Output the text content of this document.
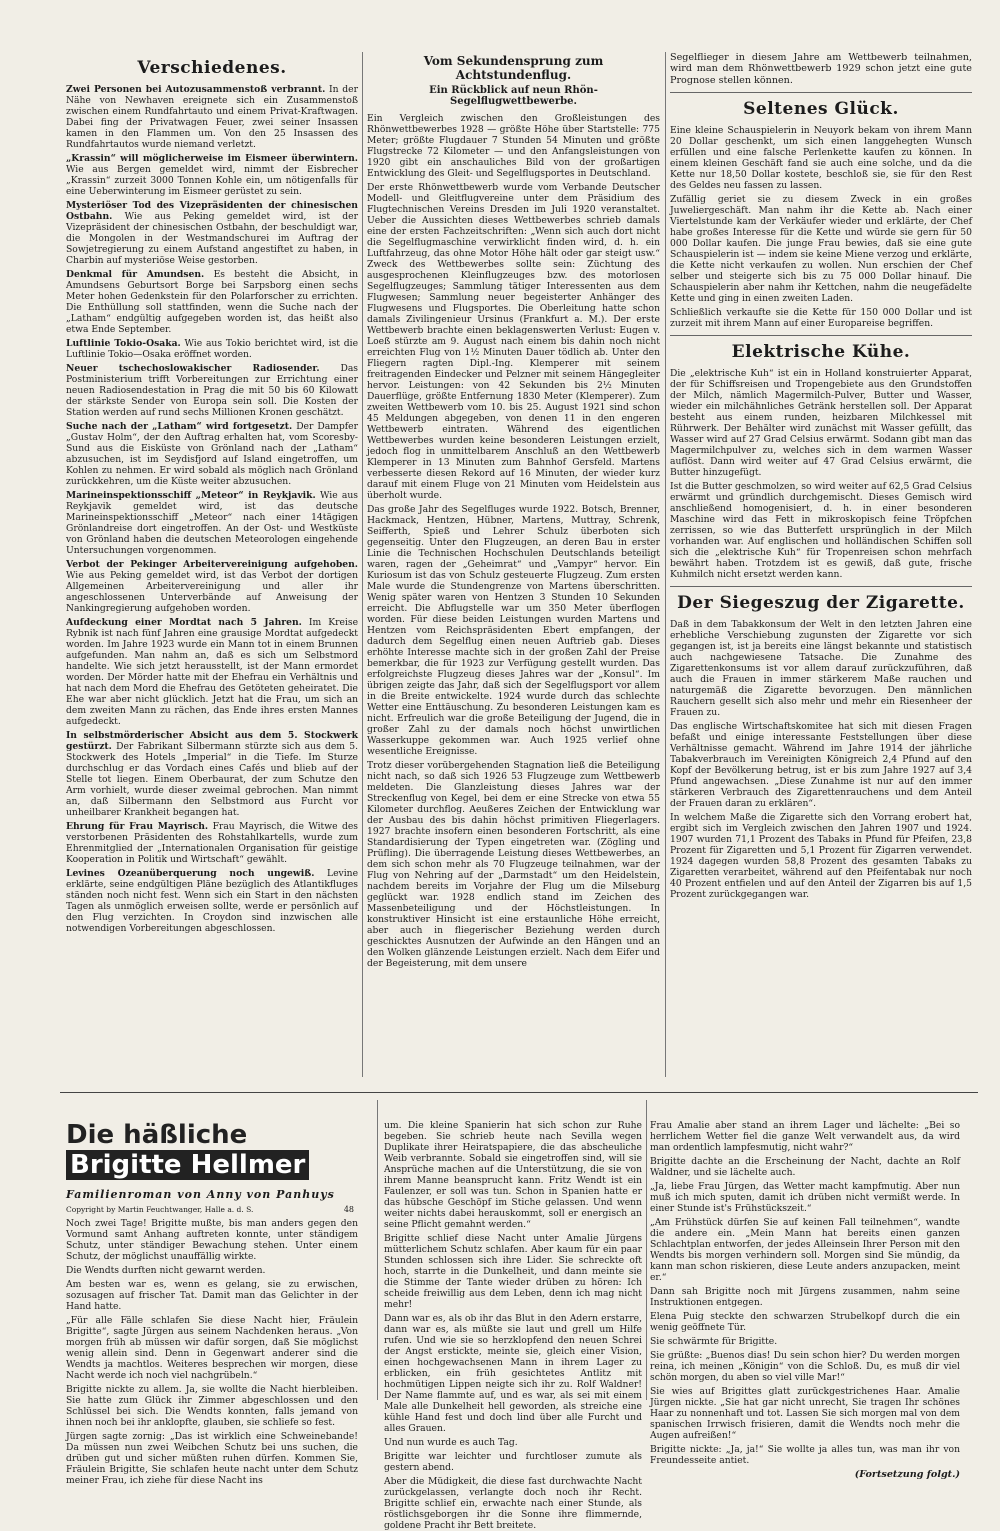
Verschiedenes.

Zwei Personen bei Autozusammenstoß verbrannt. In der Nähe von Newhaven ereignete sich ein Zusammenstoß zwischen einem Rundfahrtauto und einem Privat-Kraftwagen. Dabei fing der Privatwagen Feuer, zwei seiner Insassen kamen in den Flammen um. Von den 25 Insassen des Rundfahrtautos wurde niemand verletzt.

„Krassin“ will möglicherweise im Eismeer überwintern. Wie aus Bergen gemeldet wird, nimmt der Eisbrecher „Krassin“ zurzeit 3000 Tonnen Kohle ein, um nötigenfalls für eine Ueberwinterung im Eismeer gerüstet zu sein.

Mysteriöser Tod des Vizepräsidenten der chinesischen Ostbahn. Wie aus Peking gemeldet wird, ist der Vizepräsident der chinesischen Ostbahn, der beschuldigt war, die Mongolen in der Westmandschurei im Auftrag der Sowjetregierung zu einem Aufstand angestiftet zu haben, in Charbin auf mysteriöse Weise gestorben.

Denkmal für Amundsen. Es besteht die Absicht, in Amundsens Geburtsort Borge bei Sarpsborg einen sechs Meter hohen Gedenkstein für den Polarforscher zu errichten. Die Enthüllung soll stattfinden, wenn die Suche nach der „Latham“ endgültig aufgegeben worden ist, das heißt also etwa Ende September.

Luftlinie Tokio-Osaka. Wie aus Tokio berichtet wird, ist die Luftlinie Tokio—Osaka eröffnet worden.

Neuer tschechoslowakischer Radiosender. Das Postministerium trifft Vorbereitungen zur Errichtung einer neuen Radiosendestation in Prag die mit 50 bis 60 Kilowatt der stärkste Sender von Europa sein soll. Die Kosten der Station werden auf rund sechs Millionen Kronen geschätzt.

Suche nach der „Latham“ wird fortgesetzt. Der Dampfer „Gustav Holm“, der den Auftrag erhalten hat, vom Scoresby-Sund aus die Eisküste von Grönland nach der „Latham“ abzusuchen, ist im Seydisfjord auf Island eingetroffen, um Kohlen zu nehmen. Er wird sobald als möglich nach Grönland zurückkehren, um die Küste weiter abzusuchen.

Marineinspektionsschiff „Meteor“ in Reykjavik. Wie aus Reykjavik gemeldet wird, ist das deutsche Marineinspektionsschiff „Meteor“ nach einer 14tägigen Grönlandreise dort eingetroffen. An der Ost- und Westküste von Grönland haben die deutschen Meteorologen eingehende Untersuchungen vorgenommen.

Verbot der Pekinger Arbeitervereinigung aufgehoben. Wie aus Peking gemeldet wird, ist das Verbot der dortigen Allgemeinen Arbeitervereinigung und aller ihr angeschlossenen Unterverbände auf Anweisung der Nankingregierung aufgehoben worden.

Aufdeckung einer Mordtat nach 5 Jahren. Im Kreise Rybnik ist nach fünf Jahren eine grausige Mordtat aufgedeckt worden. Im Jahre 1923 wurde ein Mann tot in einem Brunnen aufgefunden. Man nahm an, daß es sich um Selbstmord handelte. Wie sich jetzt herausstellt, ist der Mann ermordet worden. Der Mörder hatte mit der Ehefrau ein Verhältnis und hat nach dem Mord die Ehefrau des Getöteten geheiratet. Die Ehe war aber nicht glücklich. Jetzt hat die Frau, um sich an dem zweiten Mann zu rächen, das Ende ihres ersten Mannes aufgedeckt.

In selbstmörderischer Absicht aus dem 5. Stockwerk gestürzt. Der Fabrikant Silbermann stürzte sich aus dem 5. Stockwerk des Hotels „Imperial“ in die Tiefe. Im Sturze durchschlug er das Vordach eines Cafés und blieb auf der Stelle tot liegen. Einem Oberbaurat, der zum Schutze den Arm vorhielt, wurde dieser zweimal gebrochen. Man nimmt an, daß Silbermann den Selbstmord aus Furcht vor unheilbarer Krankheit begangen hat.

Ehrung für Frau Mayrisch. Frau Mayrisch, die Witwe des verstorbenen Präsidenten des Rohstahlkartells, wurde zum Ehrenmitglied der „Internationalen Organisation für geistige Kooperation in Politik und Wirtschaft“ gewählt.

Levines Ozeanüberquerung noch ungewiß. Levine erklärte, seine endgültigen Pläne bezüglich des Atlantikfluges ständen noch nicht fest. Wenn sich ein Start in den nächsten Tagen als unmöglich erweisen sollte, werde er persönlich auf den Flug verzichten. In Croydon sind inzwischen alle notwendigen Vorbereitungen abgeschlossen.

Vom Sekundensprung zum Achtstundenflug.
Ein Rückblick auf neun Rhön-Segelflugwettbewerbe.

Ein Vergleich zwischen den Großleistungen des Rhönwettbewerbes 1928 — größte Höhe über Startstelle: 775 Meter; größte Flugdauer 7 Stunden 54 Minuten und größte Flugstrecke 72 Kilometer — und den Anfangsleistungen von 1920 gibt ein anschauliches Bild von der großartigen Entwicklung des Gleit- und Segelflugsportes in Deutschland.

Der erste Rhönwettbewerb wurde vom Verbande Deutscher Modell- und Gleitflugvereine unter dem Präsidium des Flugtechnischen Vereins Dresden im Juli 1920 veranstaltet. Ueber die Aussichten dieses Wettbewerbes schrieb damals eine der ersten Fachzeitschriften: „Wenn sich auch dort nicht die Segelflugmaschine verwirklicht finden wird, d. h. ein Luftfahrzeug, das ohne Motor Höhe hält oder gar steigt usw.“ Zweck des Wettbewerbes sollte sein: Züchtung des ausgesprochenen Kleinflugzeuges bzw. des motorlosen Segelflugzeuges; Sammlung tätiger Interessenten aus dem Flugwesen; Sammlung neuer begeisterter Anhänger des Flugwesens und Flugsportes. Die Oberleitung hatte schon damals Zivilingenieur Ursinus (Frankfurt a. M.). Der erste Wettbewerb brachte einen beklagenswerten Verlust: Eugen v. Loeß stürzte am 9. August nach einem bis dahin noch nicht erreichten Flug von 1½ Minuten Dauer tödlich ab. Unter den Fliegern ragten Dipl.-Ing. Klemperer mit seinem freitragenden Eindecker und Pelzner mit seinem Hängegleiter hervor. Leistungen: von 42 Sekunden bis 2½ Minuten Dauerflüge, größte Entfernung 1830 Meter (Klemperer). Zum zweiten Wettbewerb vom 10. bis 25. August 1921 sind schon 45 Meldungen abgegeben, von denen 11 in den engeren Wettbewerb eintraten. Während des eigentlichen Wettbewerbes wurden keine besonderen Leistungen erzielt, jedoch flog in unmittelbarem Anschluß an den Wettbewerb Klemperer in 13 Minuten zum Bahnhof Gersfeld. Martens verbesserte diesen Rekord auf 16 Minuten, der wieder kurz darauf mit einem Fluge von 21 Minuten vom Heidelstein aus überholt wurde.

Das große Jahr des Segelfluges wurde 1922. Botsch, Brenner, Hackmack, Hentzen, Hübner, Martens, Muttray, Schrenk, Seifferth, Spieß und Lehrer Schulz überboten sich gegenseitig. Unter den Flugzeugen, an deren Bau in erster Linie die Technischen Hochschulen Deutschlands beteiligt waren, ragen der „Geheimrat“ und „Vampyr“ hervor. Ein Kuriosum ist das von Schulz gesteuerte Flugzeug. Zum ersten Male wurde die Stundengrenze von Martens überschritten. Wenig später waren von Hentzen 3 Stunden 10 Sekunden erreicht. Die Abflugstelle war um 350 Meter überflogen worden. Für diese beiden Leistungen wurden Martens und Hentzen vom Reichspräsidenten Ebert empfangen, der dadurch dem Segelflug einen neuen Auftrieb gab. Dieses erhöhte Interesse machte sich in der großen Zahl der Preise bemerkbar, die für 1923 zur Verfügung gestellt wurden. Das erfolgreichste Flugzeug dieses Jahres war der „Konsul“. Im übrigen zeigte das Jahr, daß sich der Segelflugsport vor allem in die Breite entwickelte. 1924 wurde durch das schlechte Wetter eine Enttäuschung. Zu besonderen Leistungen kam es nicht. Erfreulich war die große Beteiligung der Jugend, die in großer Zahl zu der damals noch höchst unwirtlichen Wasserkuppe gekommen war. Auch 1925 verlief ohne wesentliche Ereignisse.

Trotz dieser vorübergehenden Stagnation ließ die Beteiligung nicht nach, so daß sich 1926 53 Flugzeuge zum Wettbewerb meldeten. Die Glanzleistung dieses Jahres war der Streckenflug von Kegel, bei dem er eine Strecke von etwa 55 Kilometer durchflog. Aeußeres Zeichen der Entwicklung war der Ausbau des bis dahin höchst primitiven Fliegerlagers. 1927 brachte insofern einen besonderen Fortschritt, als eine Standardisierung der Typen eingetreten war. (Zögling und Prüfling). Die überragende Leistung dieses Wettbewerbes, an dem sich schon mehr als 70 Flugzeuge teilnahmen, war der Flug von Nehring auf der „Darmstadt“ um den Heidelstein, nachdem bereits im Vorjahre der Flug um die Milseburg geglückt war. 1928 endlich stand im Zeichen des Massenbeteiligung und der Höchstleistungen. In konstruktiver Hinsicht ist eine erstaunliche Höhe erreicht, aber auch in fliegerischer Beziehung werden durch geschicktes Ausnutzen der Aufwinde an den Hängen und an den Wolken glänzende Leistungen erzielt. Nach dem Eifer und der Begeisterung, mit dem unsere

Segelflieger in diesem Jahre am Wettbewerb teilnahmen, wird man dem Rhönwettbewerb 1929 schon jetzt eine gute Prognose stellen können.

Seltenes Glück.

Eine kleine Schauspielerin in Neuyork bekam von ihrem Mann 20 Dollar geschenkt, um sich einen langgehegten Wunsch erfüllen und eine falsche Perlenkette kaufen zu können. In einem kleinen Geschäft fand sie auch eine solche, und da die Kette nur 18,50 Dollar kostete, beschloß sie, sie für den Rest des Geldes neu fassen zu lassen.

Zufällig geriet sie zu diesem Zweck in ein großes Juweliergeschäft. Man nahm ihr die Kette ab. Nach einer Viertelstunde kam der Verkäufer wieder und erklärte, der Chef habe großes Interesse für die Kette und würde sie gern für 50 000 Dollar kaufen. Die junge Frau bewies, daß sie eine gute Schauspielerin ist — indem sie keine Miene verzog und erklärte, die Kette nicht verkaufen zu wollen. Nun erschien der Chef selber und steigerte sich bis zu 75 000 Dollar hinauf. Die Schauspielerin aber nahm ihr Kettchen, nahm die neugefädelte Kette und ging in einen zweiten Laden.

Schließlich verkaufte sie die Kette für 150 000 Dollar und ist zurzeit mit ihrem Mann auf einer Europareise begriffen.

Elektrische Kühe.

Die „elektrische Kuh“ ist ein in Holland konstruierter Apparat, der für Schiffsreisen und Tropengebiete aus den Grundstoffen der Milch, nämlich Magermilch-Pulver, Butter und Wasser, wieder ein milchähnliches Getränk herstellen soll. Der Apparat besteht aus einem runden, heizbaren Milchkessel mit Rührwerk. Der Behälter wird zunächst mit Wasser gefüllt, das Wasser wird auf 27 Grad Celsius erwärmt. Sodann gibt man das Magermilchpulver zu, welches sich in dem warmen Wasser auflöst. Dann wird weiter auf 47 Grad Celsius erwärmt, die Butter hinzugefügt.

Ist die Butter geschmolzen, so wird weiter auf 62,5 Grad Celsius erwärmt und gründlich durchgemischt. Dieses Gemisch wird anschließend homogenisiert, d. h. in einer besonderen Maschine wird das Fett in mikroskopisch feine Tröpfchen zerrissen, so wie das Butterfett ursprünglich in der Milch vorhanden war. Auf englischen und holländischen Schiffen soll sich die „elektrische Kuh“ für Tropenreisen schon mehrfach bewährt haben. Trotzdem ist es gewiß, daß gute, frische Kuhmilch nicht ersetzt werden kann.

Der Siegeszug der Zigarette.

Daß in dem Tabakkonsum der Welt in den letzten Jahren eine erhebliche Verschiebung zugunsten der Zigarette vor sich gegangen ist, ist ja bereits eine längst bekannte und statistisch auch nachgewiesene Tatsache. Die Zunahme des Zigarettenkonsums ist vor allem darauf zurückzuführen, daß auch die Frauen in immer stärkerem Maße rauchen und naturgemäß die Zigarette bevorzugen. Den männlichen Rauchern gesellt sich also mehr und mehr ein Riesenheer der Frauen zu.

Das englische Wirtschaftskomitee hat sich mit diesen Fragen befaßt und einige interessante Feststellungen über diese Verhältnisse gemacht. Während im Jahre 1914 der jährliche Tabakverbrauch im Vereinigten Königreich 2,4 Pfund auf den Kopf der Bevölkerung betrug, ist er bis zum Jahre 1927 auf 3,4 Pfund angewachsen. „Diese Zunahme ist nur auf den immer stärkeren Verbrauch des Zigarettenrauchens und dem Anteil der Frauen daran zu erklären“.

In welchem Maße die Zigarette sich den Vorrang erobert hat, ergibt sich im Vergleich zwischen den Jahren 1907 und 1924. 1907 wurden 71,1 Prozent des Tabaks in Pfund für Pfeifen, 23,8 Prozent für Zigaretten und 5,1 Prozent für Zigarren verwendet. 1924 dagegen wurden 58,8 Prozent des gesamten Tabaks zu Zigaretten verarbeitet, während auf den Pfeifentabak nur noch 40 Prozent entfielen und auf den Anteil der Zigarren bis auf 1,5 Prozent zurückgegangen war.

Die häßliche
Brigitte Hellmer
Familienroman von Anny von Panhuys
Copyright by Martin Feuchtwanger, Halle a. d. S.	48

Noch zwei Tage! Brigitte mußte, bis man anders gegen den Vormund samt Anhang auftreten konnte, unter ständigem Schutz, unter ständiger Bewachung stehen. Unter einem Schutz, der möglichst unauffällig wirkte.

Die Wendts durften nicht gewarnt werden.

Am besten war es, wenn es gelang, sie zu erwischen, sozusagen auf frischer Tat. Damit man das Gelichter in der Hand hatte.

„Für alle Fälle schlafen Sie diese Nacht hier, Fräulein Brigitte“, sagte Jürgen aus seinem Nachdenken heraus. „Von morgen früh ab müssen wir dafür sorgen, daß Sie möglichst wenig allein sind. Denn in Gegenwart anderer sind die Wendts ja machtlos. Weiteres besprechen wir morgen, diese Nacht werde ich noch viel nachgrübeln.“

Brigitte nickte zu allem. Ja, sie wollte die Nacht hierbleiben. Sie hatte zum Glück ihr Zimmer abgeschlossen und den Schlüssel bei sich. Die Wendts konnten, falls jemand von ihnen noch bei ihr anklopfte, glauben, sie schliefe so fest.

Jürgen sagte zornig: „Das ist wirklich eine Schweinebande! Da müssen nun zwei Weibchen Schutz bei uns suchen, die drüben gut und sicher müßten ruhen dürfen. Kommen Sie, Fräulein Brigitte, Sie schlafen heute nacht unter dem Schutz meiner Frau, ich ziehe für diese Nacht ins

um. Die kleine Spanierin hat sich schon zur Ruhe begeben. Sie schrieb heute nach Sevilla wegen Duplikate ihrer Heiratspapiere, die das abscheuliche Weib verbrannte. Sobald sie eingetroffen sind, will sie Ansprüche machen auf die Unterstützung, die sie von ihrem Manne beansprucht kann. Fritz Wendt ist ein Faulenzer, er soll was tun. Schon in Spanien hatte er das hübsche Geschöpf im Stiche gelassen. Und wenn weiter nichts dabei herauskommt, soll er energisch an seine Pflicht gemahnt werden.“

Brigitte schlief diese Nacht unter Amalie Jürgens mütterlichem Schutz schlafen. Aber kaum für ein paar Stunden schlossen sich ihre Lider. Sie schreckte oft hoch, starrte in die Dunkelheit, und dann meinte sie die Stimme der Tante wieder drüben zu hören: Ich scheide freiwillig aus dem Leben, denn ich mag nicht mehr!

Dann war es, als ob ihr das Blut in den Adern erstarre, dann war es, als müßte sie laut und grell um Hilfe rufen. Und wie sie so herzklopfend den neuen Schrei der Angst erstickte, meinte sie, gleich einer Vision, einen hochgewachsenen Mann in ihrem Lager zu erblicken, ein früh gesichtetes Antlitz mit hochmütigen Lippen neigte sich ihr zu. Rolf Waldner! Der Name flammte auf, und es war, als sei mit einem Male alle Dunkelheit hell geworden, als streiche eine kühle Hand fest und doch lind über alle Furcht und alles Grauen.

Und nun wurde es auch Tag.

Brigitte war leichter und furchtloser zumute als gestern abend.

Aber die Müdigkeit, die diese fast durchwachte Nacht zurückgelassen, verlangte doch noch ihr Recht. Brigitte schlief ein, erwachte nach einer Stunde, als röstlichsgeborgen ihr die Sonne ihre flimmernde, goldene Pracht ihr Bett breitete.

Frau Amalie aber stand an ihrem Lager und lächelte: „Bei so herrlichem Wetter fiel die ganze Welt verwandelt aus, da wird man ordentlich lampfesmutig, nicht wahr?“

Brigitte dachte an die Erscheinung der Nacht, dachte an Rolf Waldner, und sie lächelte auch.

„Ja, liebe Frau Jürgen, das Wetter macht kampfmutig. Aber nun muß ich mich sputen, damit ich drüben nicht vermißt werde. In einer Stunde ist's Frühstückszeit.“

„Am Frühstück dürfen Sie auf keinen Fall teilnehmen“, wandte die andere ein. „Mein Mann hat bereits einen ganzen Schlachtplan entworfen, der jedes Alleinsein Ihrer Person mit den Wendts bis morgen verhindern soll. Morgen sind Sie mündig, da kann man schon riskieren, diese Leute anders anzupacken, meint er.“

Dann sah Brigitte noch mit Jürgens zusammen, nahm seine Instruktionen entgegen.

Elena Puig steckte den schwarzen Strubelkopf durch die ein wenig geöffnete Tür.

Sie schwärmte für Brigitte.

Sie grüßte: „Buenos dias! Du sein schon hier? Du werden morgen reina, ich meinen „Königin“ von die Schloß. Du, es muß dir viel schön morgen, du aben so viel ville Mar!“

Sie wies auf Brigittes glatt zurückgestrichenes Haar. Amalie Jürgen nickte. „Sie hat gar nicht unrecht, Sie tragen Ihr schönes Haar zu nonnenhaft und tot. Lassen Sie sich morgen mal von dem spanischen Irrwisch frisieren, damit die Wendts noch mehr die Augen aufreißen!“

Brigitte nickte: „Ja, ja!“ Sie wollte ja alles tun, was man ihr von Freundesseite antiet.

(Fortsetzung folgt.)
